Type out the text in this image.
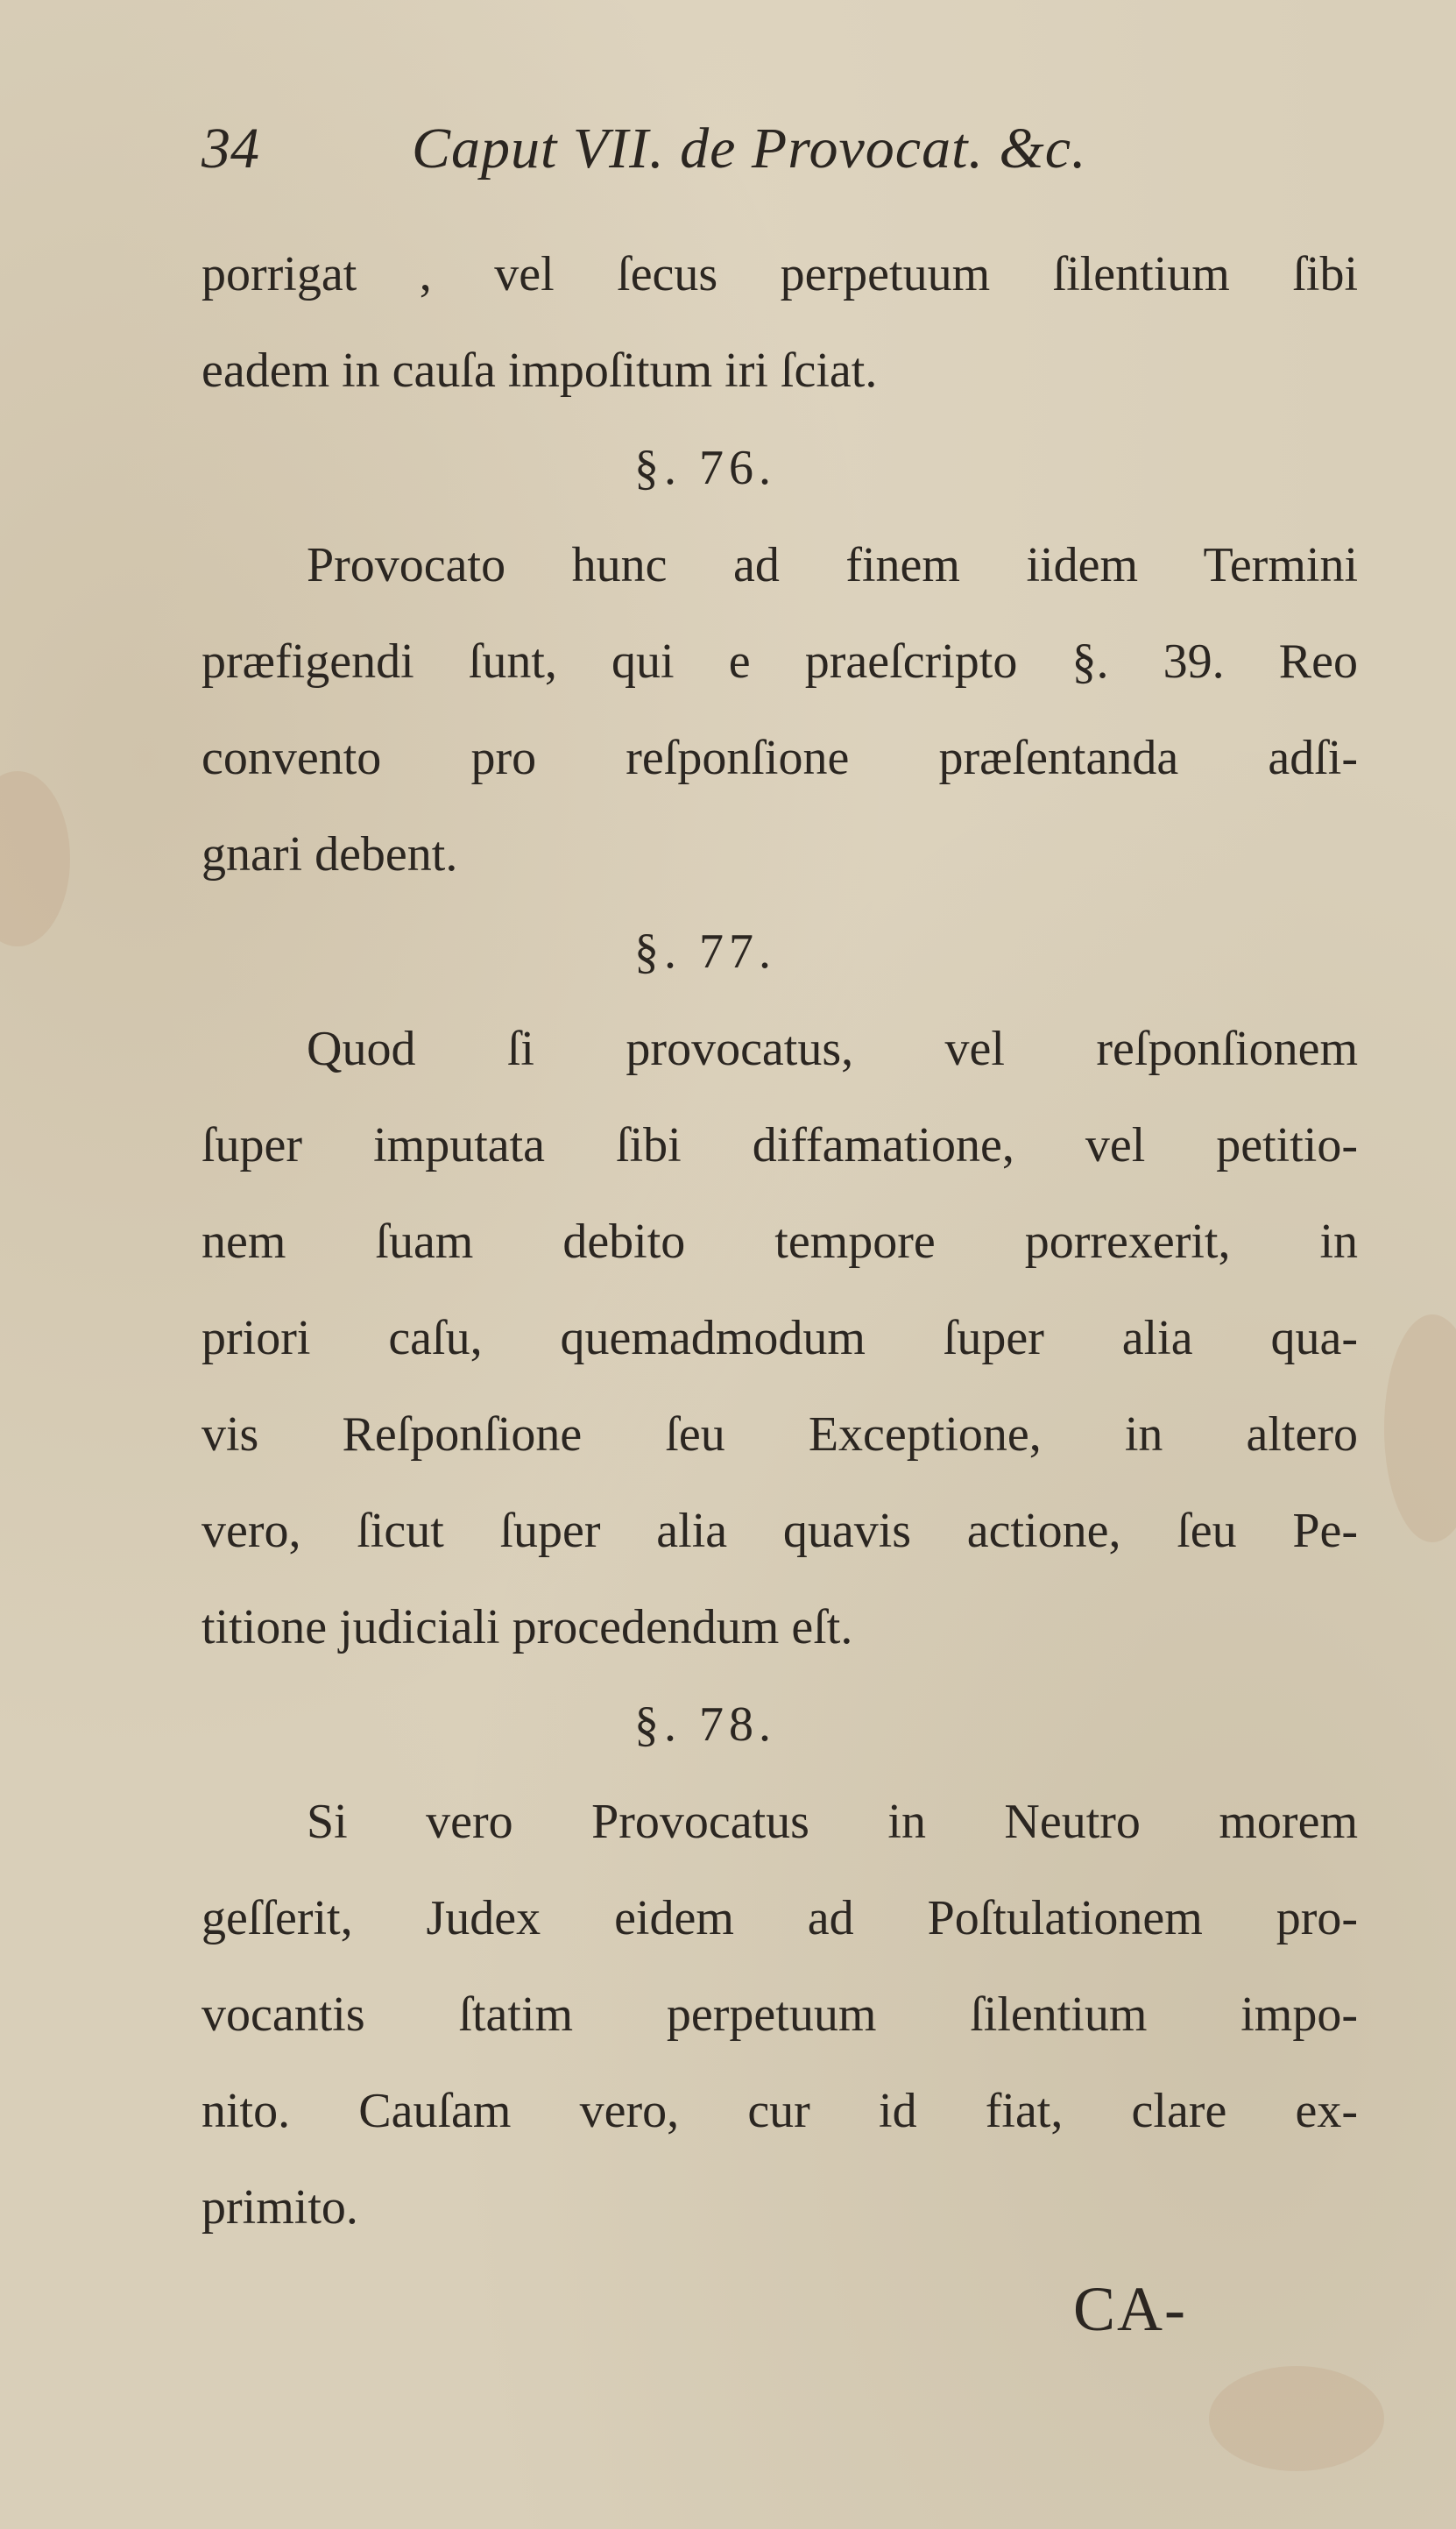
34	Caput VII. de Provocat. &c.
porrigat , vel ſecus perpetuum ſilentium ſibi
eadem in cauſa impoſitum iri ſciat.
§. 76.
Provocato hunc ad finem iidem Termini
præfigendi ſunt, qui e praeſcripto §. 39. Reo
convento pro reſponſione præſentanda adſi-
gnari debent.
§. 77.
Quod ſi provocatus, vel reſponſionem
ſuper imputata ſibi diffamatione, vel petitio-
nem ſuam debito tempore porrexerit, in
priori caſu, quemadmodum ſuper alia qua-
vis Reſponſione ſeu Exceptione, in altero
vero, ſicut ſuper alia quavis actione, ſeu Pe-
titione judiciali procedendum eſt.
§. 78.
Si vero Provocatus in Neutro morem
geſſerit, Judex eidem ad Poſtulationem pro-
vocantis ſtatim perpetuum ſilentium impo-
nito. Cauſam vero, cur id fiat, clare ex-
primito.
CA-
